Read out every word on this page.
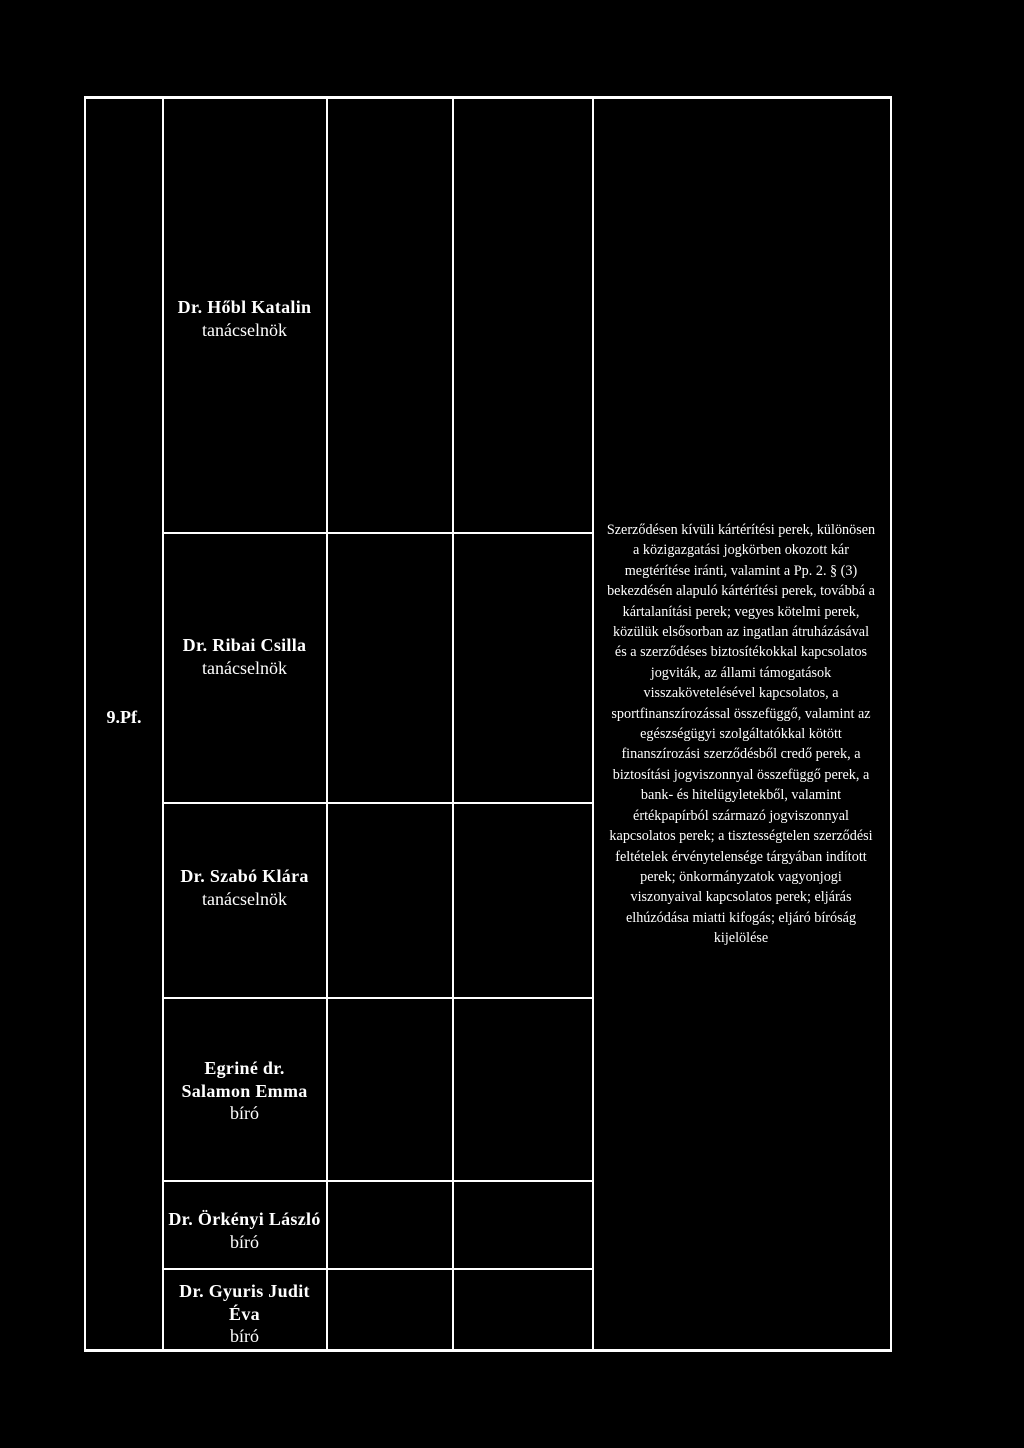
9.Pf.
Dr. Hőbl Katalin
tanácselnök
Dr. Ribai Csilla
tanácselnök
Dr. Szabó Klára
tanácselnök
Egriné dr.
Salamon Emma
bíró
Dr. Örkényi László
bíró
Dr. Gyuris Judit
Éva
bíró
Szerződésen kívüli kártérítési perek, különösen
a közigazgatási jogkörben okozott kár
megtérítése iránti, valamint a Pp. 2. § (3)
bekezdésén alapuló kártérítési perek, továbbá a
kártalanítási perek; vegyes kötelmi perek,
közülük elsősorban az ingatlan átruházásával
és a szerződéses biztosítékokkal kapcsolatos
jogviták, az állami támogatások
visszakövetelésével kapcsolatos, a
sportfinanszírozással összefüggő, valamint az
egészségügyi szolgáltatókkal kötött
finanszírozási szerződésből credő perek, a
biztosítási jogviszonnyal összefüggő perek, a
bank- és hitelügyletekből, valamint
értékpapírból származó jogviszonnyal
kapcsolatos perek; a tisztességtelen szerződési
feltételek érvénytelensége tárgyában indított
perek; önkormányzatok vagyonjogi
viszonyaival kapcsolatos perek; eljárás
elhúzódása miatti kifogás; eljáró bíróság
kijelölése
